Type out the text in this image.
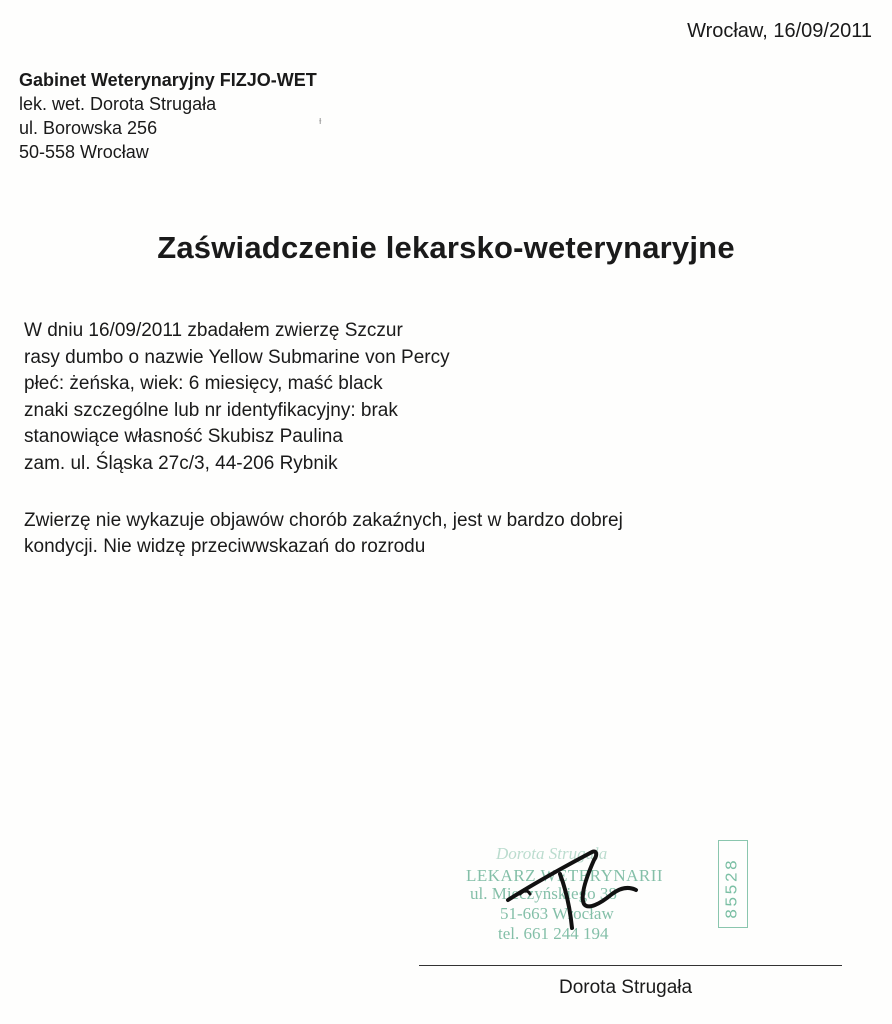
Wrocław, 16/09/2011
Gabinet Weterynaryjny FIZJO-WET
lek. wet. Dorota Strugała
ul. Borowska 256
50-558 Wrocław
ᵻ
Zaświadczenie lekarsko-weterynaryjne
W dniu 16/09/2011 zbadałem zwierzę Szczur
rasy dumbo o nazwie Yellow Submarine von Percy
płeć: żeńska, wiek: 6 miesięcy, maść black
znaki szczególne lub nr identyfikacyjny: brak
stanowiące własność Skubisz Paulina
zam. ul. Śląska 27c/3, 44-206 Rybnik
Zwierzę nie wykazuje objawów chorób zakaźnych, jest w bardzo dobrej
kondycji. Nie widzę przeciwwskazań do rozrodu
Dorota Strugała
LEKARZ WETERYNARII
ul. Mieczyńskiego 38
51-663 Wrocław
tel. 661 244 194
85528
Dorota Strugała
